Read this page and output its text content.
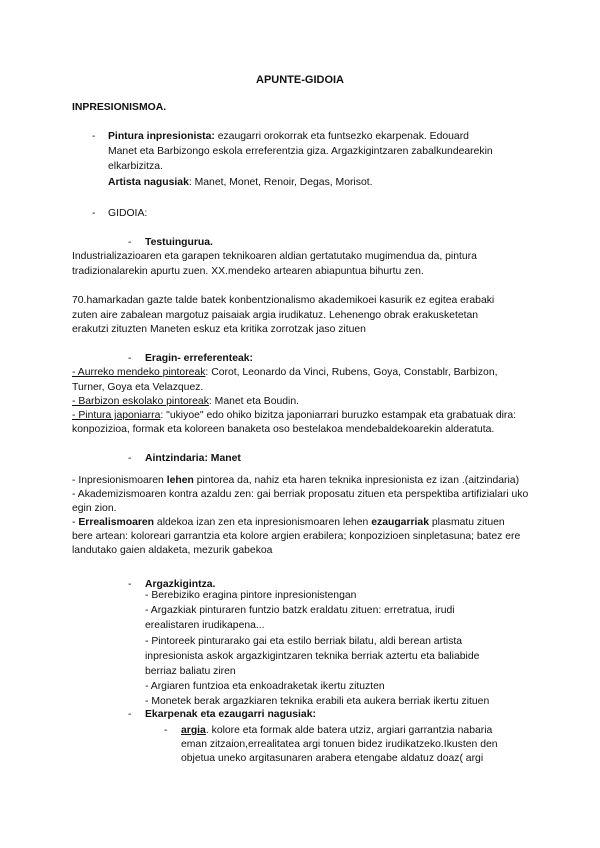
APUNTE-GIDOIA
INPRESIONISMOA.
- Pintura inpresionista: ezaugarri orokorrak eta funtsezko ekarpenak. Edouard
Manet eta Barbizongo eskola erreferentzia giza. Argazkigintzaren zabalkundearekin
elkarbizitza.
Artista nagusiak: Manet, Monet, Renoir, Degas, Morisot.
- GIDOIA:
- Testuingurua.
Industrializazioaren eta garapen teknikoaren aldian gertatutako mugimendua da, pintura
tradizionalarekin apurtu zuen. XX.mendeko artearen abiapuntua bihurtu zen.
70.hamarkadan gazte talde batek konbentzionalismo akademikoei kasurik ez egitea erabaki
zuten aire zabalean margotuz paisaiak argia irudikatuz. Lehenengo obrak erakusketetan
erakutzi zituzten Maneten eskuz eta kritika zorrotzak jaso zituen
- Eragin- erreferenteak:
- Aurreko mendeko pintoreak: Corot, Leonardo da Vinci, Rubens, Goya, Constablr, Barbizon,
Turner, Goya eta Velazquez.
- Barbizon eskolako pintoreak: Manet eta Boudin.
- Pintura japoniarra: "ukiyoe" edo ohiko bizitza japoniarrari buruzko estampak eta grabatuak dira:
konpozizioa, formak eta koloreen banaketa oso bestelakoa mendebaldekoarekin alderatuta.
- Aintzindaria: Manet
- Inpresionismoaren lehen pintorea da, nahiz eta haren teknika inpresionista ez izan .(aitzindaria)
- Akademizismoaren kontra azaldu zen: gai berriak proposatu zituen eta perspektiba artifizialari uko
egin zion.
- Errealismoaren aldekoa izan zen eta inpresionismoaren lehen ezaugarriak plasmatu zituen
bere artean: koloreari garrantzia eta kolore argien erabilera; konpozizioen sinpletasuna; batez ere
landutako gaien aldaketa, mezurik gabekoa
- Argazkigintza.
- Berebiziko eragina pintore inpresionistengan
- Argazkiak pinturaren funtzio batzk eraldatu zituen: erretratua, irudi
erealistaren irudikapena...
- Pintoreek pinturarako gai eta estilo berriak bilatu, aldi berean artista
inpresionista askok argazkigintzaren teknika berriak aztertu eta baliabide
berriaz baliatu ziren
- Argiaren funtzioa eta enkoadraketak ikertu zituzten
- Monetek berak argazkiaren teknika erabili eta aukera berriak ikertu zituen
- Ekarpenak eta ezaugarri nagusiak:
- argia. kolore eta formak alde batera utziz, argiari garrantzia nabaria
eman zitzaion,errealitatea argi tonuen bidez irudikatzeko.Ikusten den
objetua uneko argitasunaren arabera etengabe aldatuz doaz( argi
